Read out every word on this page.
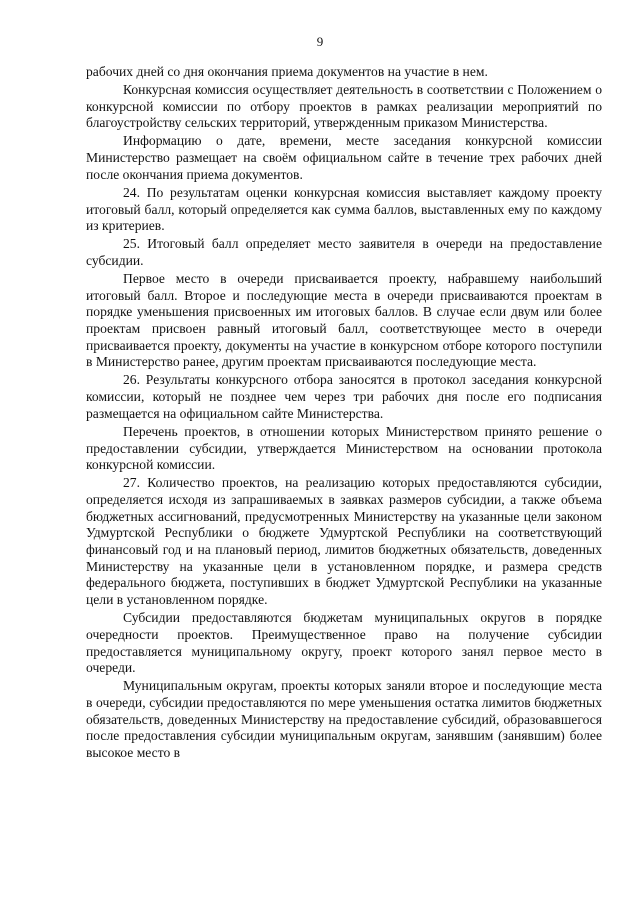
9

рабочих дней со дня окончания приема документов на участие в нем.

Конкурсная комиссия осуществляет деятельность в соответствии с Положением о конкурсной комиссии по отбору проектов в рамках реализации мероприятий по благоустройству сельских территорий, утвержденным приказом Министерства.

Информацию о дате, времени, месте заседания конкурсной комиссии Министерство размещает на своём официальном сайте в течение трех рабочих дней после окончания приема документов.

24. По результатам оценки конкурсная комиссия выставляет каждому проекту итоговый балл, который определяется как сумма баллов, выставленных ему по каждому из критериев.

25. Итоговый балл определяет место заявителя в очереди на предоставление субсидии.

Первое место в очереди присваивается проекту, набравшему наибольший итоговый балл. Второе и последующие места в очереди присваиваются проектам в порядке уменьшения присвоенных им итоговых баллов. В случае если двум или более проектам присвоен равный итоговый балл, соответствующее место в очереди присваивается проекту, документы на участие в конкурсном отборе которого поступили в Министерство ранее, другим проектам присваиваются последующие места.

26. Результаты конкурсного отбора заносятся в протокол заседания конкурсной комиссии, который не позднее чем через три рабочих дня после его подписания размещается на официальном сайте Министерства.

Перечень проектов, в отношении которых Министерством принято решение о предоставлении субсидии, утверждается Министерством на основании протокола конкурсной комиссии.

27. Количество проектов, на реализацию которых предоставляются субсидии, определяется исходя из запрашиваемых в заявках размеров субсидии, а также объема бюджетных ассигнований, предусмотренных Министерству на указанные цели законом Удмуртской Республики о бюджете Удмуртской Республики на соответствующий финансовый год и на плановый период, лимитов бюджетных обязательств, доведенных Министерству на указанные цели в установленном порядке, и размера средств федерального бюджета, поступивших в бюджет Удмуртской Республики на указанные цели в установленном порядке.

Субсидии предоставляются бюджетам муниципальных округов в порядке очередности проектов. Преимущественное право на получение субсидии предоставляется муниципальному округу, проект которого занял первое место в очереди.

Муниципальным округам, проекты которых заняли второе и последующие места в очереди, субсидии предоставляются по мере уменьшения остатка лимитов бюджетных обязательств, доведенных Министерству на предоставление субсидий, образовавшегося после предоставления субсидии муниципальным округам, занявшим (занявшим) более высокое место в
